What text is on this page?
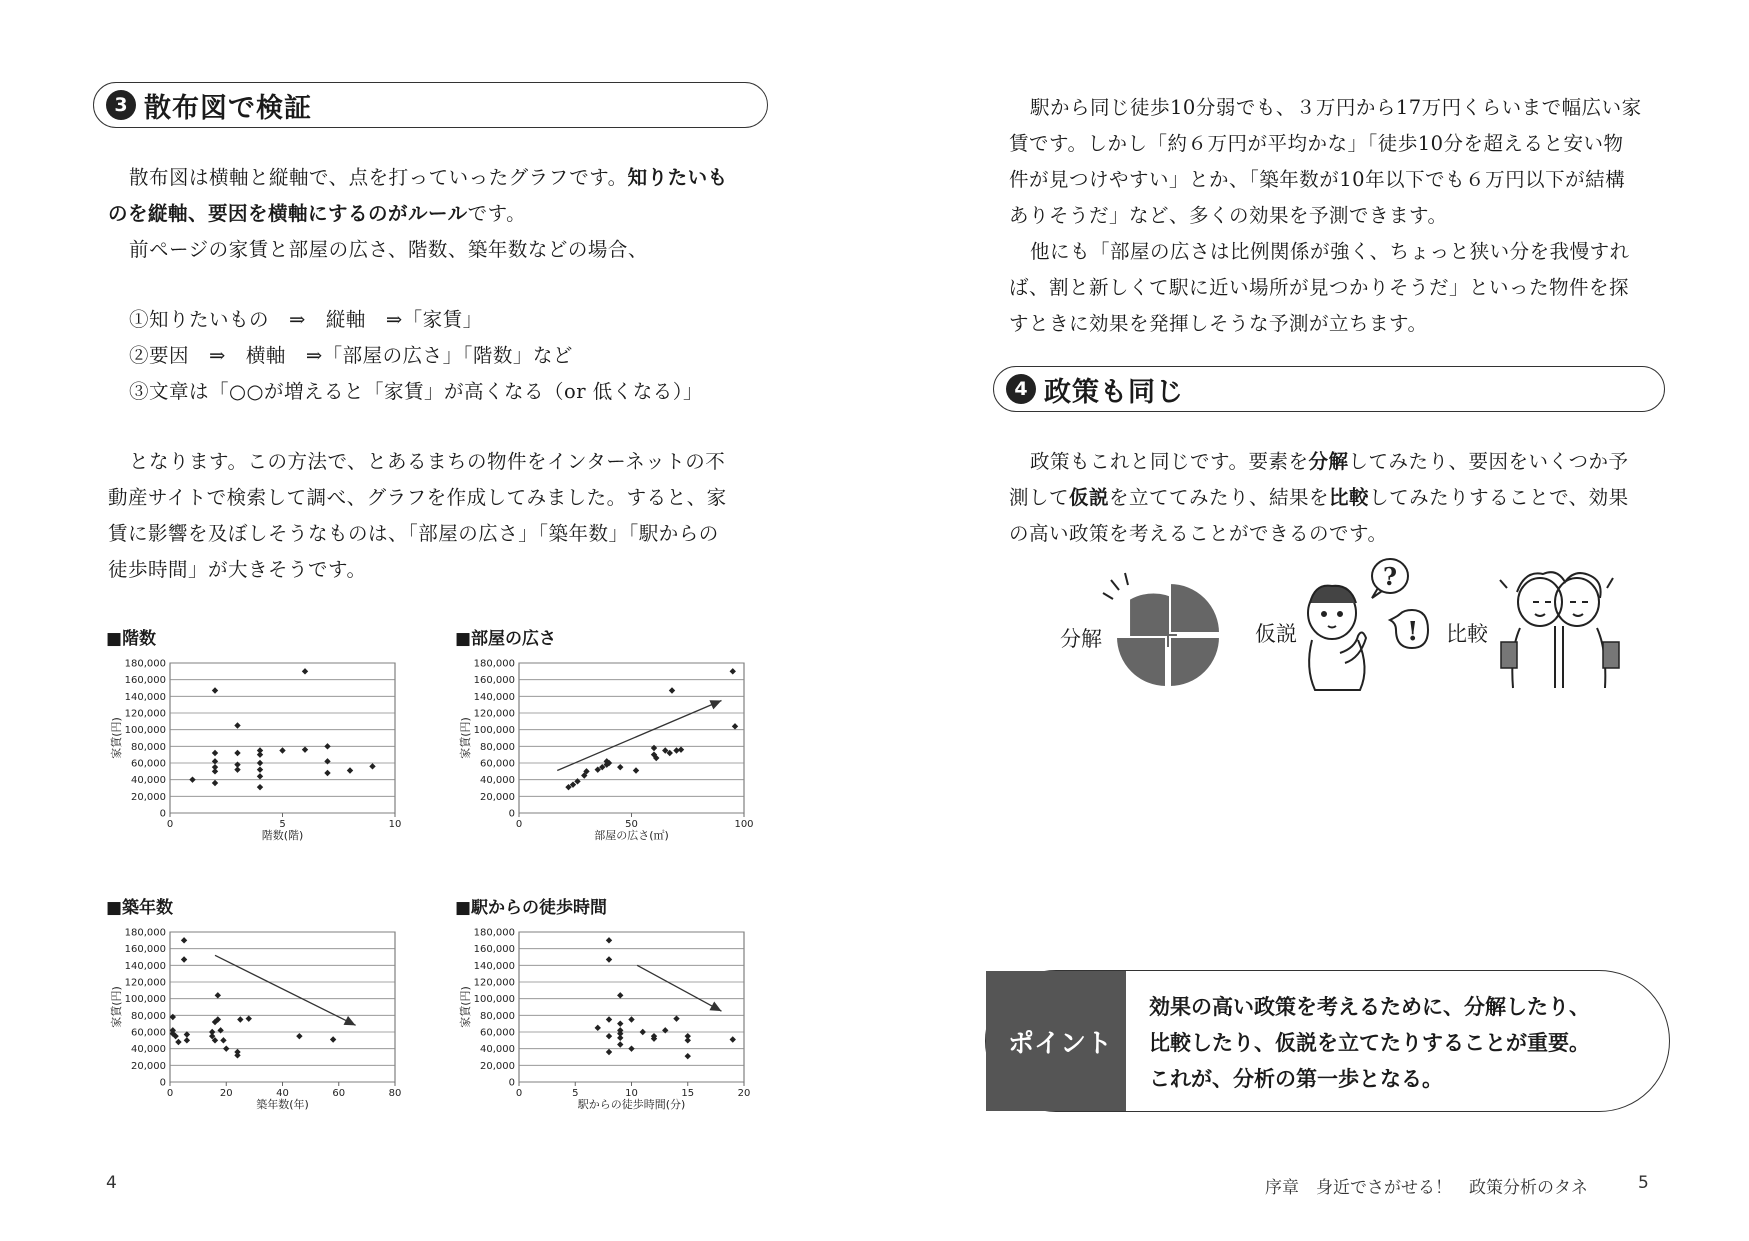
3 散布図で検証

散布図は横軸と縦軸で、点を打っていったグラフです。知りたいも

のを縦軸、要因を横軸にするのがルールです。

前ページの家賃と部屋の広さ、階数、築年数などの場合、

①知りたいもの　⇒　縦軸　⇒「家賃」
②要因　⇒　横軸　⇒「部屋の広さ」「階数」など
③文章は「○○が増えると「家賃」が高くなる（or 低くなる）」

となります。この方法で、とあるまちの物件をインターネットの不

動産サイトで検索して調べ、グラフを作成してみました。すると、家

賃に影響を及ぼしそうなものは、「部屋の広さ」「築年数」「駅からの

徒歩時間」が大きそうです。

■階数
0
20,000
40,000
60,000
80,000
100,000
120,000
140,000
160,000
180,000
0	5	10
階数(階)
家賃(円)
■部屋の広さ
0
20,000
40,000
60,000
80,000
100,000
120,000
140,000
160,000
180,000
0	50	100
部屋の広さ(㎡)
家賃(円)
■築年数
0
20,000
40,000
60,000
80,000
100,000
120,000
140,000
160,000
180,000
0	20	40	60	80
築年数(年)
家賃(円)
■駅からの徒歩時間
0
20,000
40,000
60,000
80,000
100,000
120,000
140,000
160,000
180,000
0	5	10	15	20
駅からの徒歩時間(分)
家賃(円)
4

駅から同じ徒歩10分弱でも、３万円から17万円くらいまで幅広い家

賃です。しかし「約６万円が平均かな」「徒歩10分を超えると安い物

件が見つけやすい」とか、「築年数が10年以下でも６万円以下が結構

ありそうだ」など、多くの効果を予測できます。

他にも「部屋の広さは比例関係が強く、ちょっと狭い分を我慢すれ

ば、割と新しくて駅に近い場所が見つかりそうだ」といった物件を探

すときに効果を発揮しそうな予測が立ちます。

4 政策も同じ

政策もこれと同じです。要素を分解してみたり、要因をいくつか予

測して仮説を立ててみたり、結果を比較してみたりすることで、効果

の高い政策を考えることができるのです。

分解	仮説
?
! 比較
ポイント
効果の高い政策を考えるために、分解したり、
比較したり、仮説を立てたりすることが重要。
これが、分析の第一歩となる。
序章　身近でさがせる！　政策分析のタネ	5
